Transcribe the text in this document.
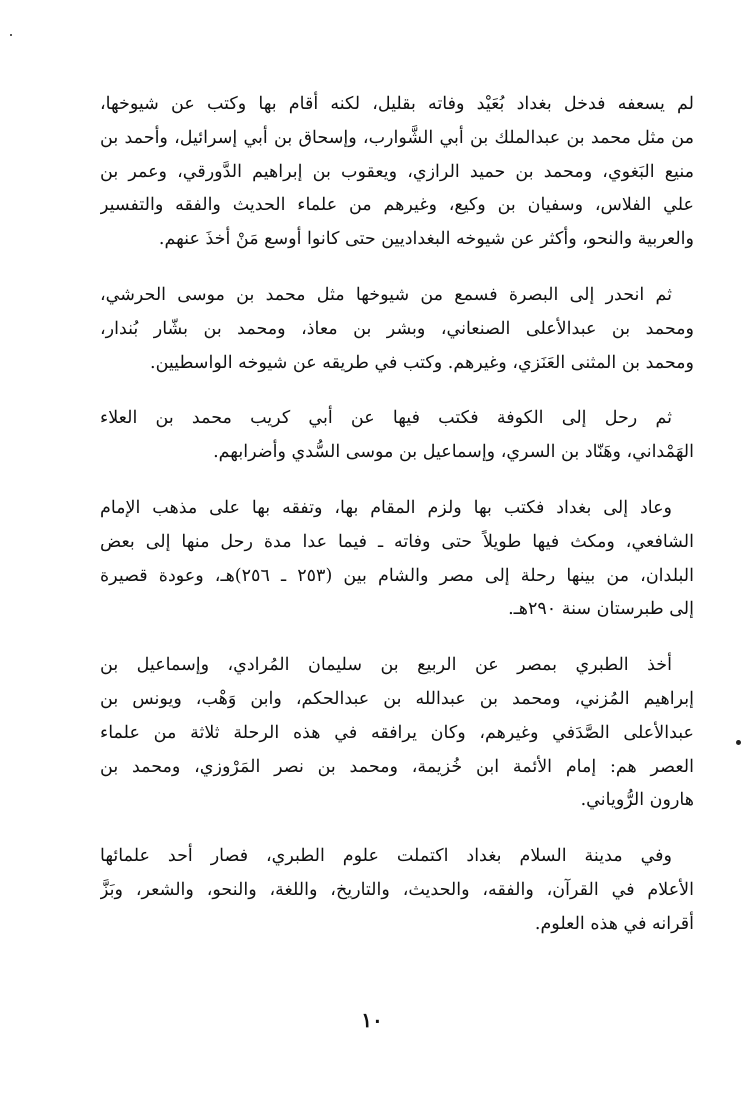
لم يسعفه فدخل بغداد بُعَيْد وفاته بقليل، لكنه أقام بها وكتب عن شيوخها،
من مثل محمد بن عبدالملك بن أبي الشَّوارب، وإسحاق بن أبي إسرائيل، وأحمد بن
منيع البَغوي، ومحمد بن حميد الرازي، ويعقوب بن إبراهيم الدَّورقي، وعمر بن
علي الفلاس، وسفيان بن وكيع، وغيرهم من علماء الحديث والفقه والتفسير
والعربية والنحو، وأكثر عن شيوخه البغداديين حتى كانوا أوسع مَنْ أخذَ عنهم.
ثم انحدر إلى البصرة فسمع من شيوخها مثل محمد بن موسى الحرشي،
ومحمد بن عبدالأعلى الصنعاني، وبشر بن معاذ، ومحمد بن بشّار بُندار،
ومحمد بن المثنى العَنَزي، وغيرهم. وكتب في طريقه عن شيوخه الواسطيين.
ثم رحل إلى الكوفة فكتب فيها عن أبي كريب محمد بن العلاء
الهَمْداني، وهَنّاد بن السري، وإسماعيل بن موسى السُّدي وأضرابهم.
وعاد إلى بغداد فكتب بها ولزم المقام بها، وتفقه بها على مذهب الإمام
الشافعي، ومكث فيها طويلاً حتى وفاته ـ فيما عدا مدة رحل منها إلى بعض
البلدان، من بينها رحلة إلى مصر والشام بين (٢٥٣ ـ ٢٥٦)هـ، وعودة قصيرة
إلى طبرستان سنة ٢٩٠هـ.
أخذ الطبري بمصر عن الربيع بن سليمان المُرادي، وإسماعيل بن
إبراهيم المُزني، ومحمد بن عبدالله بن عبدالحكم، وابن وَهْب، ويونس بن
عبدالأعلى الصَّدَفي وغيرهم، وكان يرافقه في هذه الرحلة ثلاثة من علماء
العصر هم: إمام الأئمة ابن خُزيمة، ومحمد بن نصر المَرْوزي، ومحمد بن
هارون الرُّوياني.
وفي مدينة السلام بغداد اكتملت علوم الطبري، فصار أحد علمائها
الأعلام في القرآن، والفقه، والحديث، والتاريخ، واللغة، والنحو، والشعر، وبَزَّ
أقرانه في هذه العلوم.
١٠
